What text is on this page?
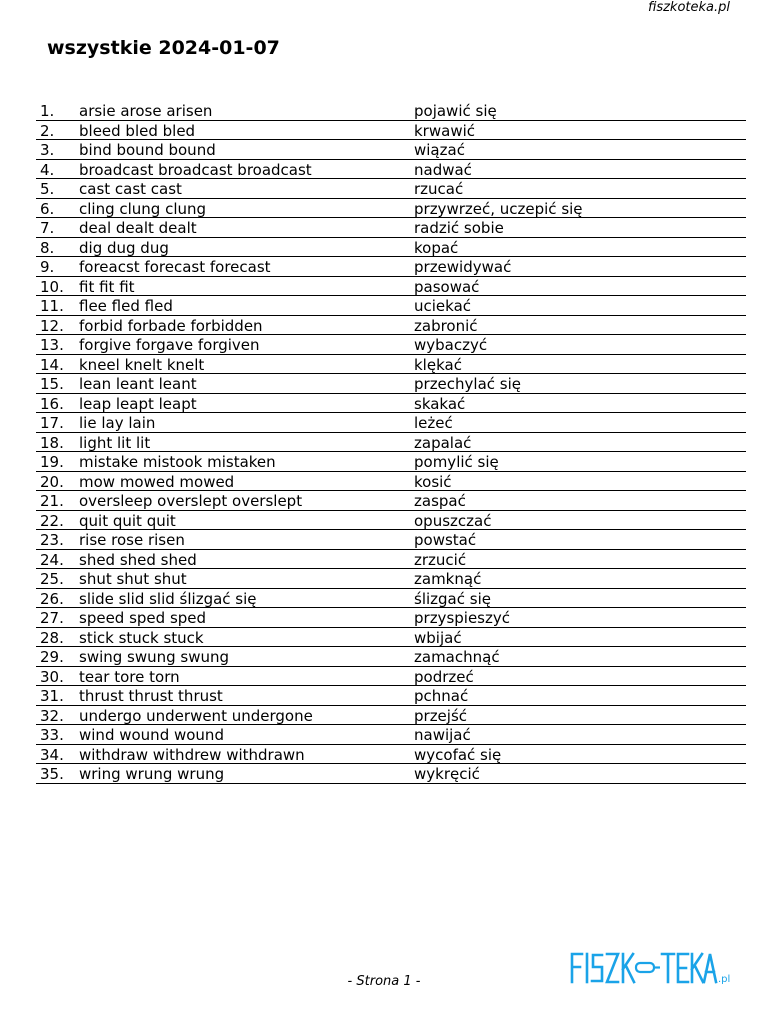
fiszkoteka.pl
wszystkie 2024-01-07
1. arsie arose arisen	pojawić się
2. bleed bled bled	krwawić
3. bind bound bound	wiązać
4. broadcast broadcast broadcast	nadwać
5. cast cast cast	rzucać
6. cling clung clung	przywrzeć, uczepić się
7. deal dealt dealt	radzić sobie
8. dig dug dug	kopać
9. foreacst forecast forecast	przewidywać
10. fit fit fit	pasować
11. flee fled fled	uciekać
12. forbid forbade forbidden	zabronić
13. forgive forgave forgiven	wybaczyć
14. kneel knelt knelt	klękać
15. lean leant leant	przechylać się
16. leap leapt leapt	skakać
17. lie lay lain	leżeć
18. light lit lit	zapalać
19. mistake mistook mistaken	pomylić się
20. mow mowed mowed	kosić
21. oversleep overslept overslept	zaspać
22. quit quit quit	opuszczać
23. rise rose risen	powstać
24. shed shed shed	zrzucić
25. shut shut shut	zamknąć
26. slide slid slid ślizgać się	ślizgać się
27. speed sped sped	przyspieszyć
28. stick stuck stuck	wbijać
29. swing swung swung	zamachnąć
30. tear tore torn	podrzeć
31. thrust thrust thrust	pchnać
32. undergo underwent undergone	przejść
33. wind wound wound	nawijać
34. withdraw withdrew withdrawn	wycofać się
35. wring wrung wrung	wykręcić
- Strona 1 -	.pl
